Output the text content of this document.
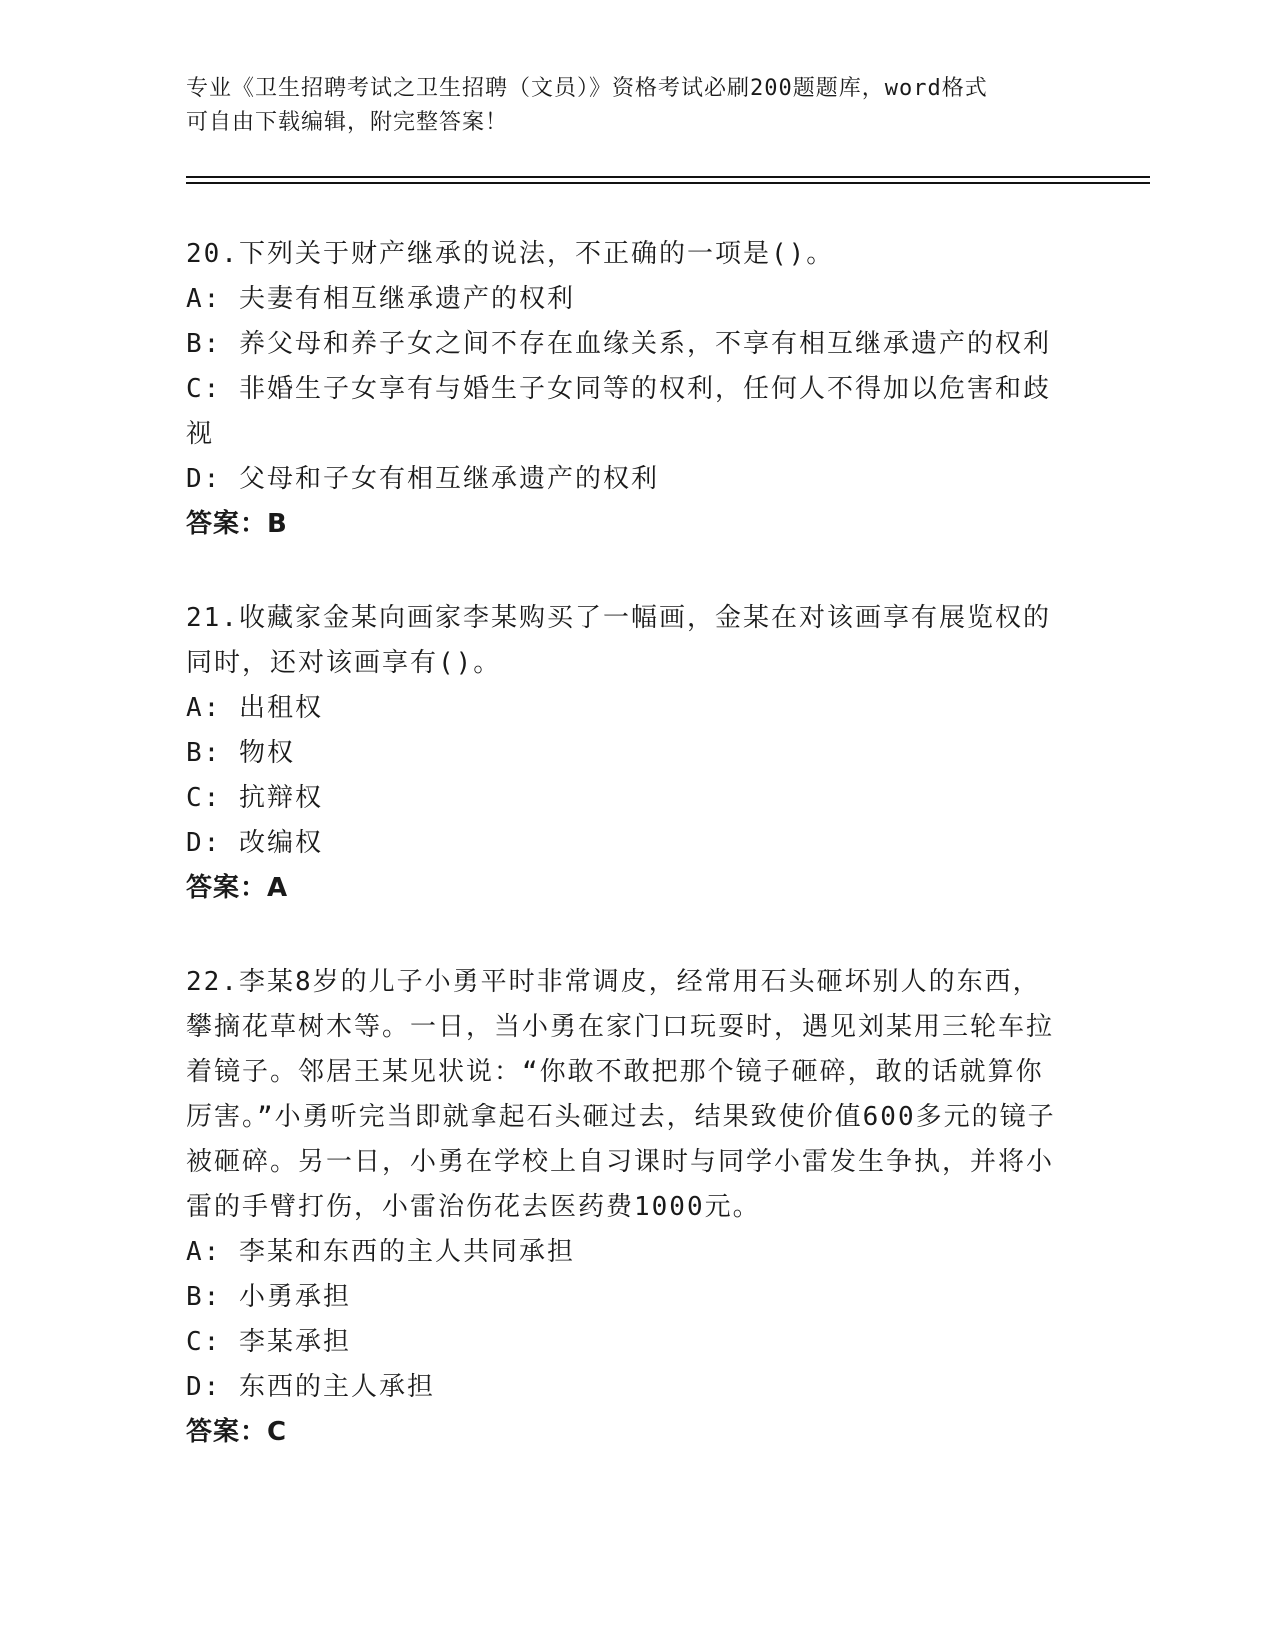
专业《卫生招聘考试之卫生招聘（文员）》资格考试必刷200题题库，word格式
可自由下载编辑，附完整答案！

20.下列关于财产继承的说法，不正确的一项是()。

A: 夫妻有相互继承遗产的权利

B: 养父母和养子女之间不存在血缘关系，不享有相互继承遗产的权利

C: 非婚生子女享有与婚生子女同等的权利，任何人不得加以危害和歧视

D: 父母和子女有相互继承遗产的权利

答案：B

21.收藏家金某向画家李某购买了一幅画，金某在对该画享有展览权的同时，还对该画享有()。

A: 出租权

B: 物权

C: 抗辩权

D: 改编权

答案：A

22.李某8岁的儿子小勇平时非常调皮，经常用石头砸坏别人的东西，攀摘花草树木等。一日，当小勇在家门口玩耍时，遇见刘某用三轮车拉着镜子。邻居王某见状说：“你敢不敢把那个镜子砸碎，敢的话就算你厉害。”小勇听完当即就拿起石头砸过去，结果致使价值600多元的镜子被砸碎。另一日，小勇在学校上自习课时与同学小雷发生争执，并将小雷的手臂打伤，小雷治伤花去医药费1000元。

A: 李某和东西的主人共同承担

B: 小勇承担

C: 李某承担

D: 东西的主人承担

答案：C
